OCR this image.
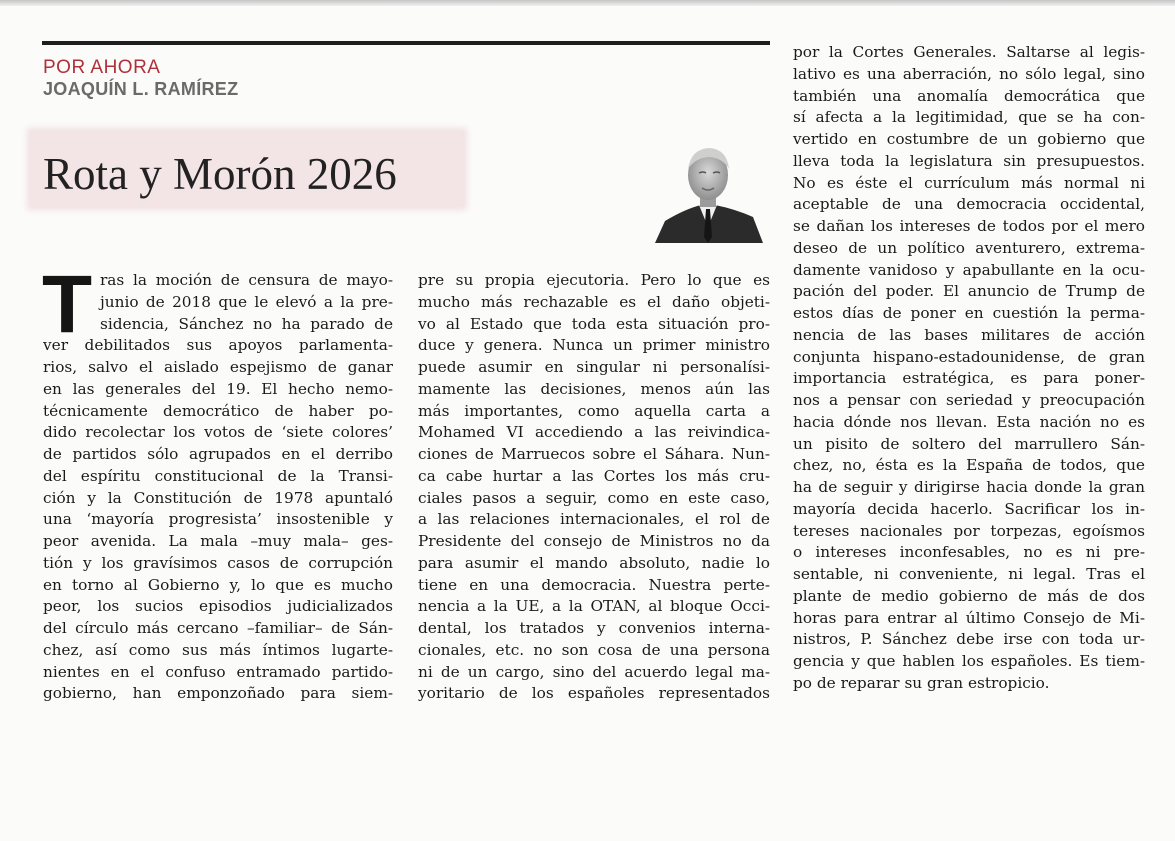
POR AHORA

JOAQUÍN L. RAMÍREZ

Rota y Morón 2026
T ras la moción de censura de mayo-
junio de 2018 que le elevó a la pre-
sidencia, Sánchez no ha parado de
ver debilitados sus apoyos parlamenta-
rios, salvo el aislado espejismo de ganar
en las generales del 19. El hecho nemo-
técnicamente democrático de haber po-
dido recolectar los votos de ‘siete colores’
de partidos sólo agrupados en el derribo
del espíritu constitucional de la Transi-
ción y la Constitución de 1978 apuntaló
una ‘mayoría progresista’ insostenible y
peor avenida. La mala –muy mala– ges-
tión y los gravísimos casos de corrupción
en torno al Gobierno y, lo que es mucho
peor, los sucios episodios judicializados
del círculo más cercano –familiar– de Sán-
chez, así como sus más íntimos lugarte-
nientes en el confuso entramado partido-
gobierno, han emponzoñado para siem-
pre su propia ejecutoria. Pero lo que es
mucho más rechazable es el daño objeti-
vo al Estado que toda esta situación pro-
duce y genera. Nunca un primer ministro
puede asumir en singular ni personalísi-
mamente las decisiones, menos aún las
más importantes, como aquella carta a
Mohamed VI accediendo a las reivindica-
ciones de Marruecos sobre el Sáhara. Nun-
ca cabe hurtar a las Cortes los más cru-
ciales pasos a seguir, como en este caso,
a las relaciones internacionales, el rol de
Presidente del consejo de Ministros no da
para asumir el mando absoluto, nadie lo
tiene en una democracia. Nuestra perte-
nencia a la UE, a la OTAN, al bloque Occi-
dental, los tratados y convenios interna-
cionales, etc. no son cosa de una persona
ni de un cargo, sino del acuerdo legal ma-
yoritario de los españoles representados
por la Cortes Generales. Saltarse al legis-
lativo es una aberración, no sólo legal, sino
también una anomalía democrática que
sí afecta a la legitimidad, que se ha con-
vertido en costumbre de un gobierno que
lleva toda la legislatura sin presupuestos.
No es éste el currículum más normal ni
aceptable de una democracia occidental,
se dañan los intereses de todos por el mero
deseo de un político aventurero, extrema-
damente vanidoso y apabullante en la ocu-
pación del poder. El anuncio de Trump de
estos días de poner en cuestión la perma-
nencia de las bases militares de acción
conjunta hispano-estadounidense, de gran
importancia estratégica, es para poner-
nos a pensar con seriedad y preocupación
hacia dónde nos llevan. Esta nación no es
un pisito de soltero del marrullero Sán-
chez, no, ésta es la España de todos, que
ha de seguir y dirigirse hacia donde la gran
mayoría decida hacerlo. Sacrificar los in-
tereses nacionales por torpezas, egoísmos
o intereses inconfesables, no es ni pre-
sentable, ni conveniente, ni legal. Tras el
plante de medio gobierno de más de dos
horas para entrar al último Consejo de Mi-
nistros, P. Sánchez debe irse con toda ur-
gencia y que hablen los españoles. Es tiem-
po de reparar su gran estropicio.
